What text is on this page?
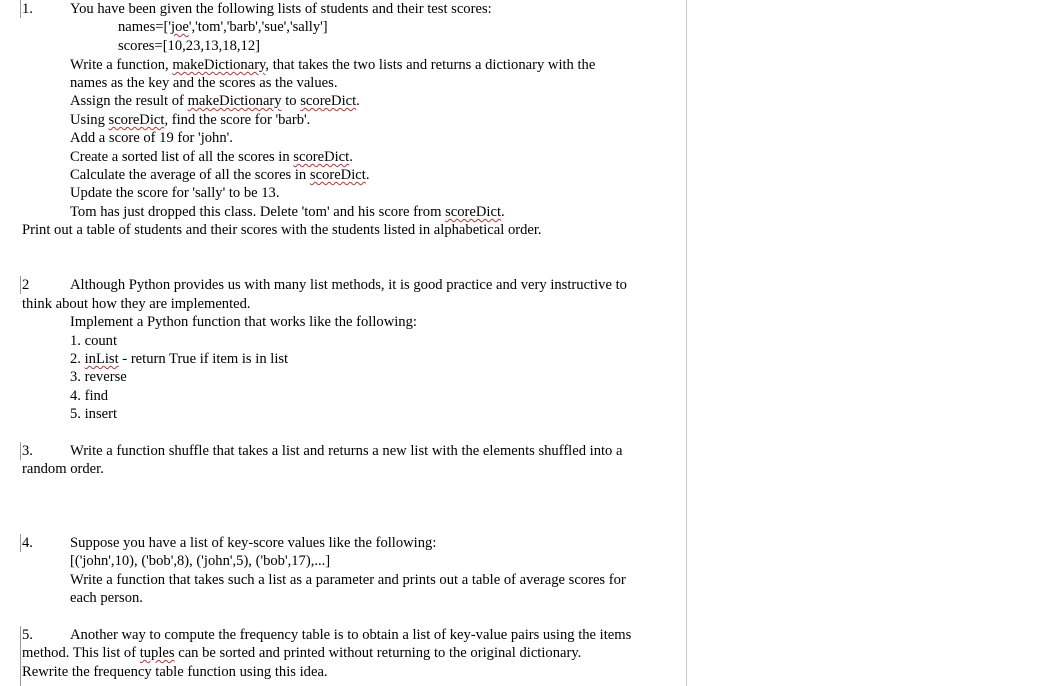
1.	You have been given the following lists of students and their test scores:
names=['joe','tom','barb','sue','sally']
scores=[10,23,13,18,12]
Write a function, makeDictionary, that takes the two lists and returns a dictionary with the
names as the key and the scores as the values.
Assign the result of makeDictionary to scoreDict.
Using scoreDict, find the score for 'barb'.
Add a score of 19 for 'john'.
Create a sorted list of all the scores in scoreDict.
Calculate the average of all the scores in scoreDict.
Update the score for 'sally' to be 13.
Tom has just dropped this class. Delete 'tom' and his score from scoreDict.
Print out a table of students and their scores with the students listed in alphabetical order.
2	Although Python provides us with many list methods, it is good practice and very instructive to
think about how they are implemented.
Implement a Python function that works like the following:
1. count
2. inList - return True if item is in list
3. reverse
4. find
5. insert
3.	Write a function shuffle that takes a list and returns a new list with the elements shuffled into a
random order.
4.	Suppose you have a list of key-score values like the following:
[('john',10), ('bob',8), ('john',5), ('bob',17),...]
Write a function that takes such a list as a parameter and prints out a table of average scores for
each person.
5.	Another way to compute the frequency table is to obtain a list of key-value pairs using the items
method. This list of tuples can be sorted and printed without returning to the original dictionary.
Rewrite the frequency table function using this idea.
